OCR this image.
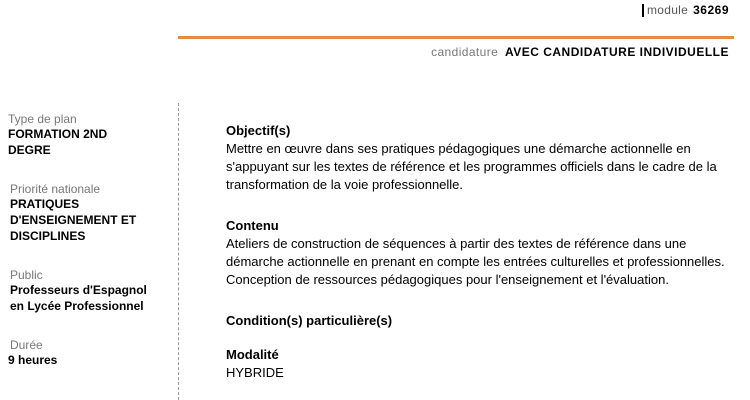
module 36269
candidature AVEC CANDIDATURE INDIVIDUELLE
Type de plan
FORMATION 2ND DEGRE
Priorité nationale
PRATIQUES D'ENSEIGNEMENT ET DISCIPLINES
Public
Professeurs d'Espagnol en Lycée Professionnel
Durée
9 heures
Objectif(s)
Mettre en œuvre dans ses pratiques pédagogiques une démarche actionnelle en s'appuyant sur les textes de référence et les programmes officiels dans le cadre de la transformation de la voie professionnelle.
Contenu
Ateliers de construction de séquences à partir des textes de référence dans une démarche actionnelle en prenant en compte les entrées culturelles et professionnelles. Conception de ressources pédagogiques pour l'enseignement et l'évaluation.
Condition(s) particulière(s)
Modalité
HYBRIDE
